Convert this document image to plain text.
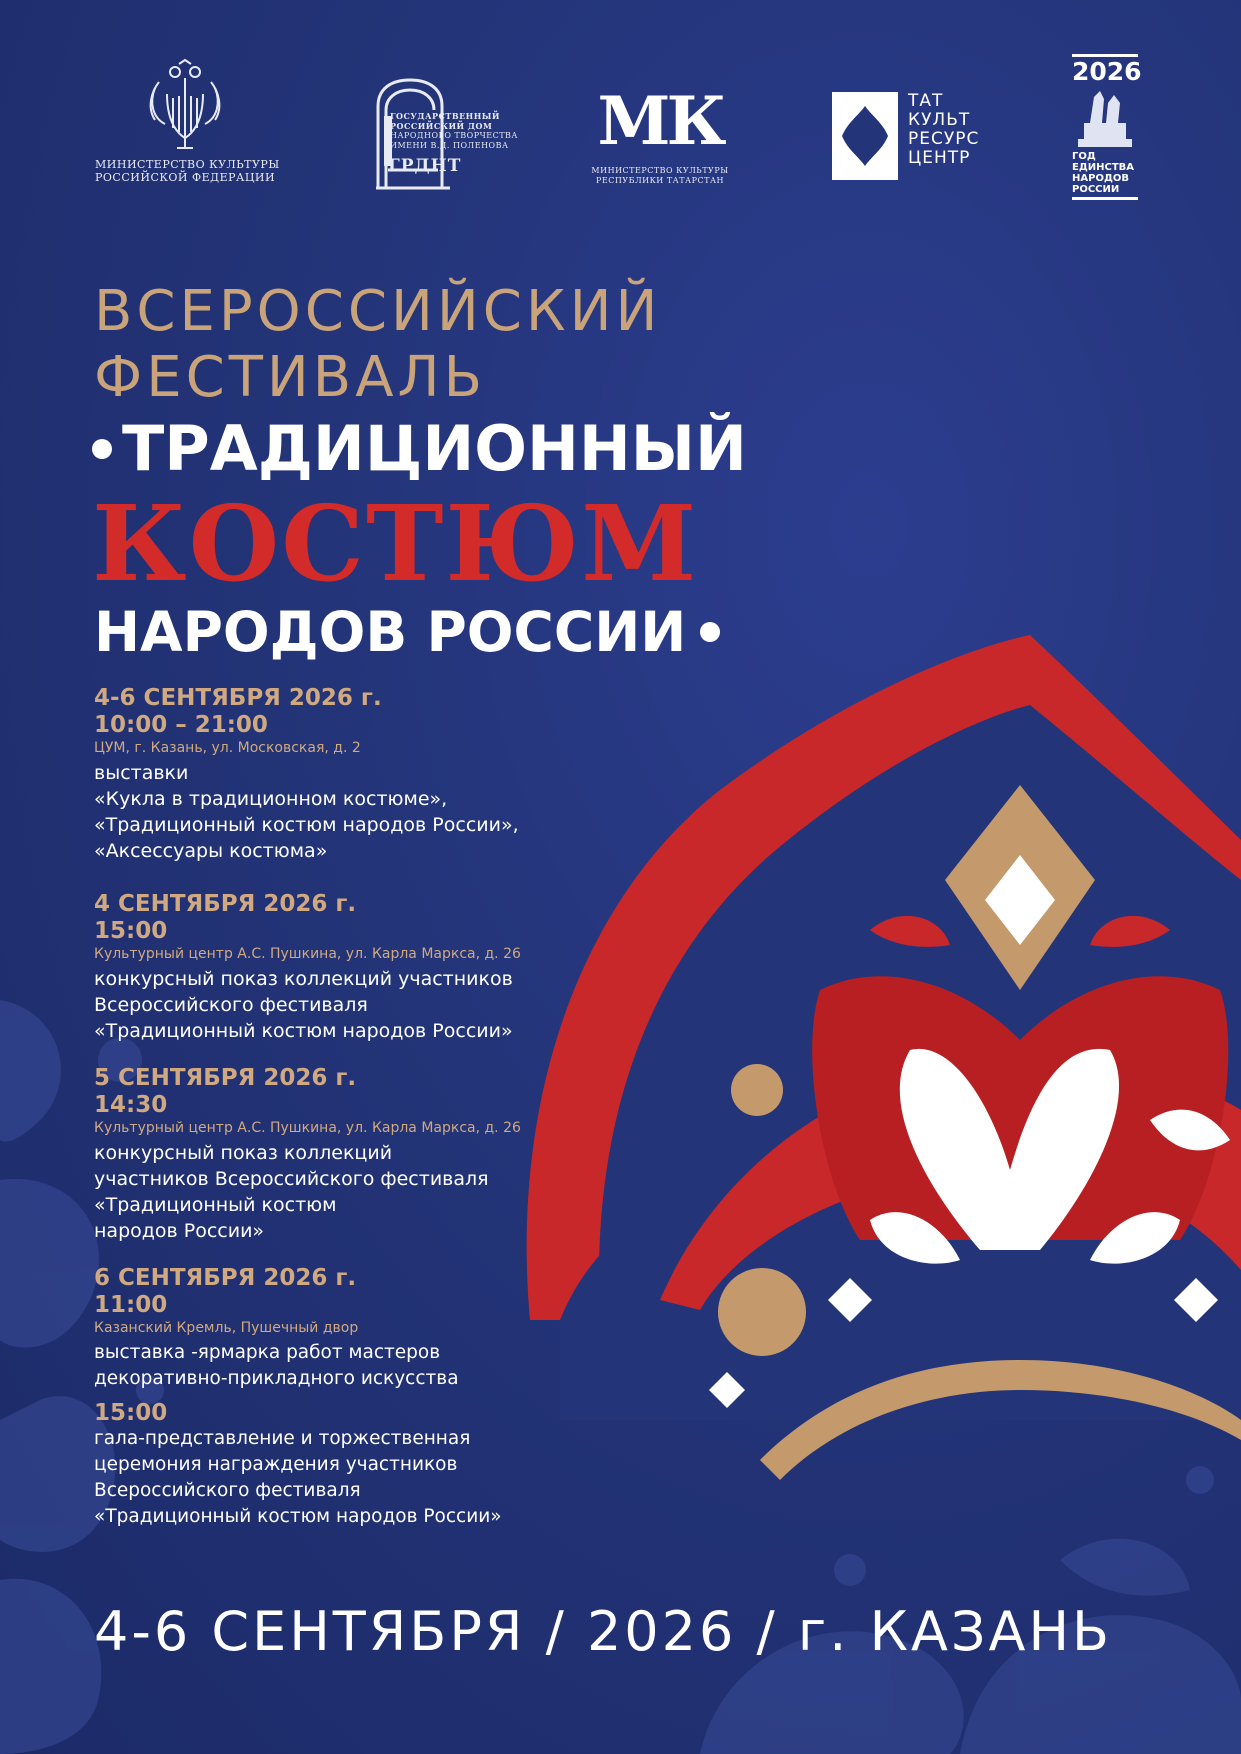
МИНИСТЕРСТВО КУЛЬТУРЫ
РОССИЙСКОЙ ФЕДЕРАЦИИ
ГОСУДАРСТВЕННЫЙ
РОССИЙСКИЙ ДОМ
НАРОДНОГО ТВОРЧЕСТВА
ИМЕНИ В.Д. ПОЛЕНОВА
ГРДНТ
МК
МИНИСТЕРСТВО КУЛЬТУРЫ
РЕСПУБЛИКИ ТАТАРСТАН
ТАТ
КУЛЬТ
РЕСУРС
ЦЕНТР
2026
ГОД
ЕДИНСТВА
НАРОДОВ
РОССИИ
ВСЕРОССИЙСКИЙ
ФЕСТИВАЛЬ
ТРАДИЦИОННЫЙ
КОСТЮМ
НАРОДОВ РОССИИ
4-6 СЕНТЯБРЯ 2026 г.
10:00 – 21:00
ЦУМ, г. Казань, ул. Московская, д. 2
выставки
«Кукла в традиционном костюме»,
«Традиционный костюм народов России»,
«Аксессуары костюма»
4 СЕНТЯБРЯ 2026 г.
15:00
Культурный центр А.С. Пушкина, ул. Карла Маркса, д. 26
конкурсный показ коллекций участников
Всероссийского фестиваля
«Традиционный костюм народов России»
5 СЕНТЯБРЯ 2026 г.
14:30
Культурный центр А.С. Пушкина, ул. Карла Маркса, д. 26
конкурсный показ коллекций
участников Всероссийского фестиваля
«Традиционный костюм
народов России»
6 СЕНТЯБРЯ 2026 г.
11:00
Казанский Кремль, Пушечный двор
выставка -ярмарка работ мастеров
декоративно-прикладного искусства
15:00
гала-представление и торжественная
церемония награждения участников
Всероссийского фестиваля
«Традиционный костюм народов России»
4-6 СЕНТЯБРЯ / 2026 / г. КАЗАНЬ
